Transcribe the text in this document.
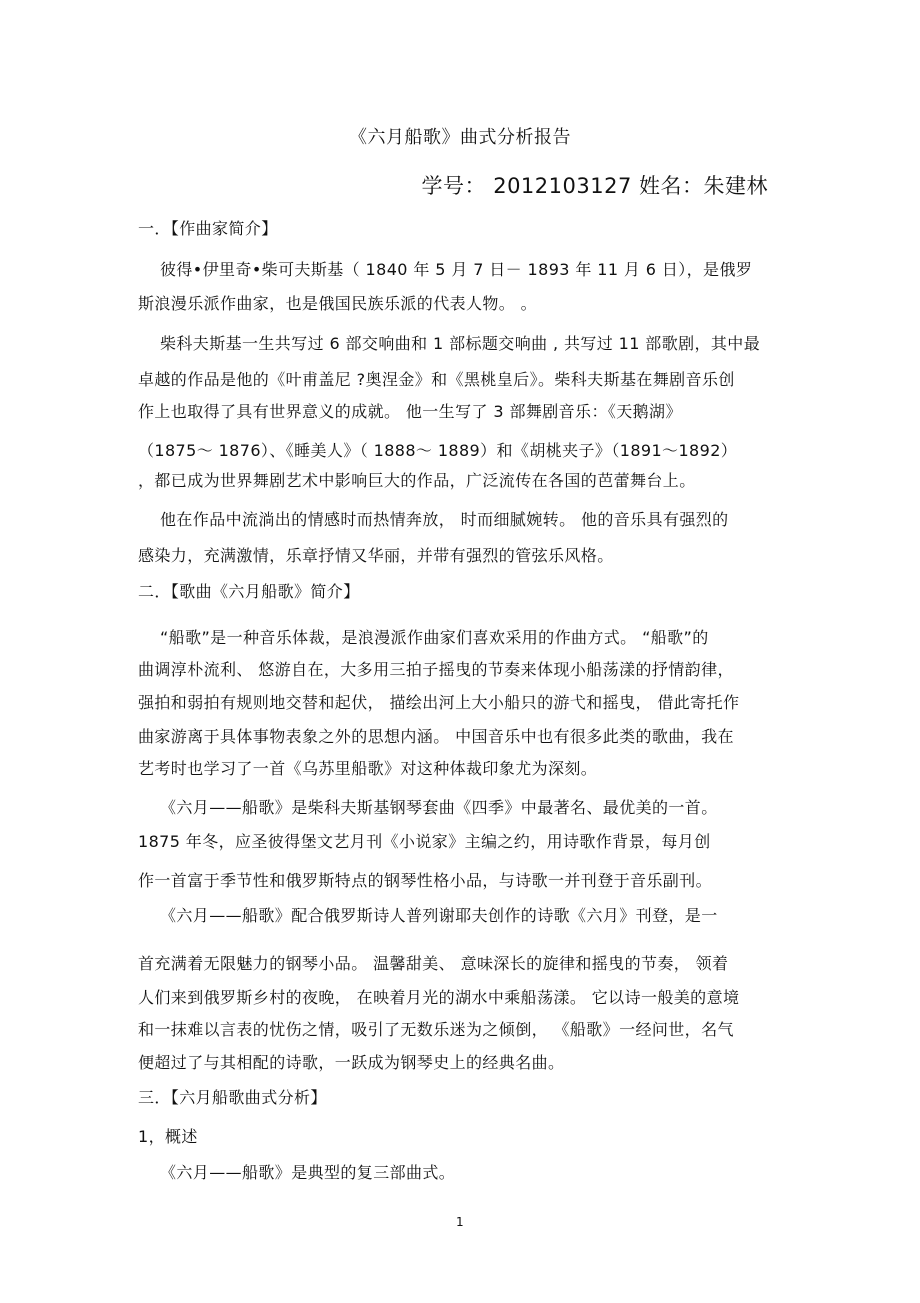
《六月船歌》曲式分析报告

学号： 2012103127 姓名：朱建林

一．【作曲家简介】

彼得•伊里奇•柴可夫斯基（ 1840 年 5 月 7 日－ 1893 年 11 月 6 日），是俄罗

斯浪漫乐派作曲家，也是俄国民族乐派的代表人物。 。

柴科夫斯基一生共写过 6 部交响曲和 1 部标题交响曲 , 共写过 11 部歌剧，其中最

卓越的作品是他的《叶甫盖尼 ?奥涅金》和《黑桃皇后》。柴科夫斯基在舞剧音乐创

作上也取得了具有世界意义的成就。 他一生写了 3 部舞剧音乐：《天鹅湖》

（1875～ 1876）、《睡美人》（ 1888～ 1889）和《胡桃夹子》（1891～1892）

，都已成为世界舞剧艺术中影响巨大的作品，广泛流传在各国的芭蕾舞台上。

他在作品中流淌出的情感时而热情奔放， 时而细腻婉转。 他的音乐具有强烈的

感染力，充满激情，乐章抒情又华丽，并带有强烈的管弦乐风格。

二．【歌曲《六月船歌》简介】

“船歌”是一种音乐体裁，是浪漫派作曲家们喜欢采用的作曲方式。 “船歌”的

曲调淳朴流利、 悠游自在，大多用三拍子摇曳的节奏来体现小船荡漾的抒情韵律，

强拍和弱拍有规则地交替和起伏， 描绘出河上大小船只的游弋和摇曳， 借此寄托作

曲家游离于具体事物表象之外的思想内涵。 中国音乐中也有很多此类的歌曲，我在

艺考时也学习了一首《乌苏里船歌》对这种体裁印象尤为深刻。

《六月——船歌》是柴科夫斯基钢琴套曲《四季》中最著名、最优美的一首。

1875 年冬，应圣彼得堡文艺月刊《小说家》主编之约，用诗歌作背景，每月创

作一首富于季节性和俄罗斯特点的钢琴性格小品，与诗歌一并刊登于音乐副刊。

《六月——船歌》配合俄罗斯诗人普列谢耶夫创作的诗歌《六月》刊登，是一

首充满着无限魅力的钢琴小品。 温馨甜美、 意味深长的旋律和摇曳的节奏， 领着

人们来到俄罗斯乡村的夜晚， 在映着月光的湖水中乘船荡漾。 它以诗一般美的意境

和一抹难以言表的忧伤之情，吸引了无数乐迷为之倾倒， 《船歌》一经问世，名气

便超过了与其相配的诗歌，一跃成为钢琴史上的经典名曲。

三．【六月船歌曲式分析】

1，概述

《六月——船歌》是典型的复三部曲式。

1
